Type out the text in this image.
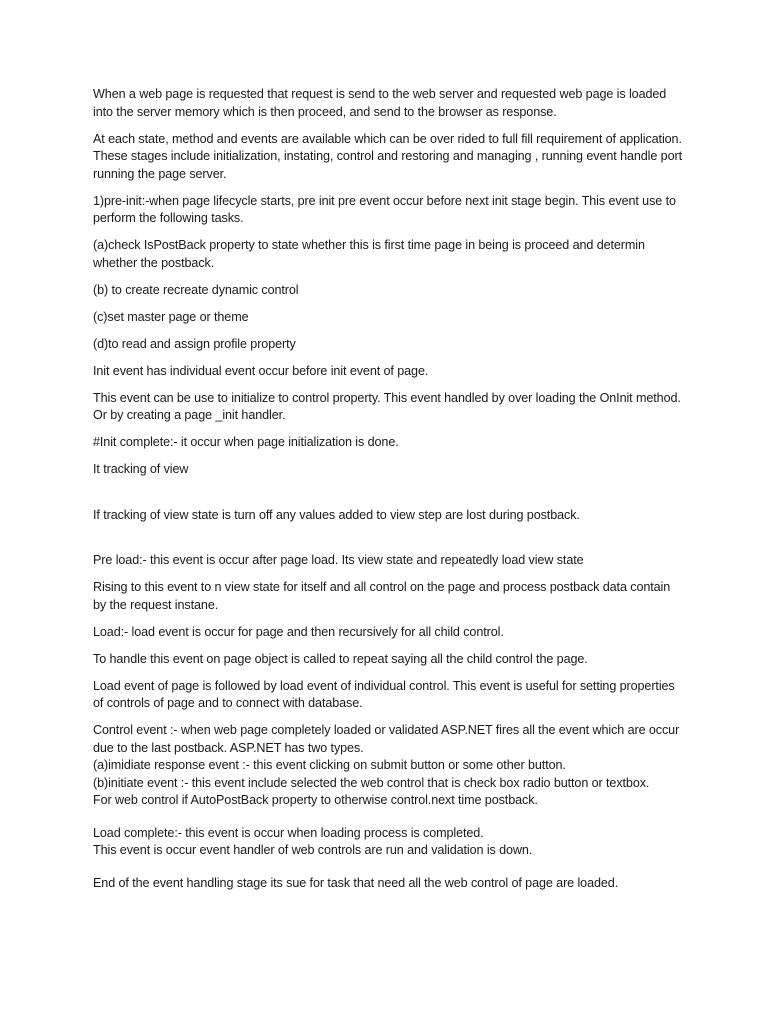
When a web page is requested that request is send to the web server and requested web page is loaded into the server memory which is then proceed, and send to the browser as response.

At each state, method and events are available which can be over rided to full fill requirement of application. These stages include initialization, instating, control and restoring and managing , running event handle port running the page server.

1)pre-init:-when page lifecycle starts, pre init pre event occur before next init stage begin. This event use to perform the following tasks.

(a)check IsPostBack property to state whether this is first time page in being is proceed and determin whether the postback.

(b) to create recreate dynamic control

(c)set master page or theme

(d)to read and assign profile property

Init event has individual event occur before init event of page.

This event can be use to initialize to control property. This event handled by over loading the OnInit method. Or by creating a page _init handler.

#Init complete:- it occur when page initialization is done.

It tracking of view

If tracking of view state is turn off any values added to view step are lost during postback.

Pre load:- this event is occur after page load. Its view state and repeatedly load view state

Rising to this event to n view state for itself and all control on the page and process postback data contain by the request instane.

Load:- load event is occur for page and then recursively for all child control.

To handle this event on page object is called to repeat saying all the child control the page.

Load event of page is followed by load event of individual control. This event is useful for setting properties of controls of page and to connect with database.

Control event :- when web page completely loaded or validated ASP.NET fires all the event which are occur due to the last postback. ASP.NET has two types.

(a)imidiate response event :- this event clicking on submit button or some other button.

(b)initiate event :- this event include selected the web control that is check box radio button or textbox.

For web control if AutoPostBack property to otherwise control.next time postback.

Load complete:- this event is occur when loading process is completed.

This event is occur event handler of web controls are run and validation is down.

End of the event handling stage its sue for task that need all the web control of page are loaded.
